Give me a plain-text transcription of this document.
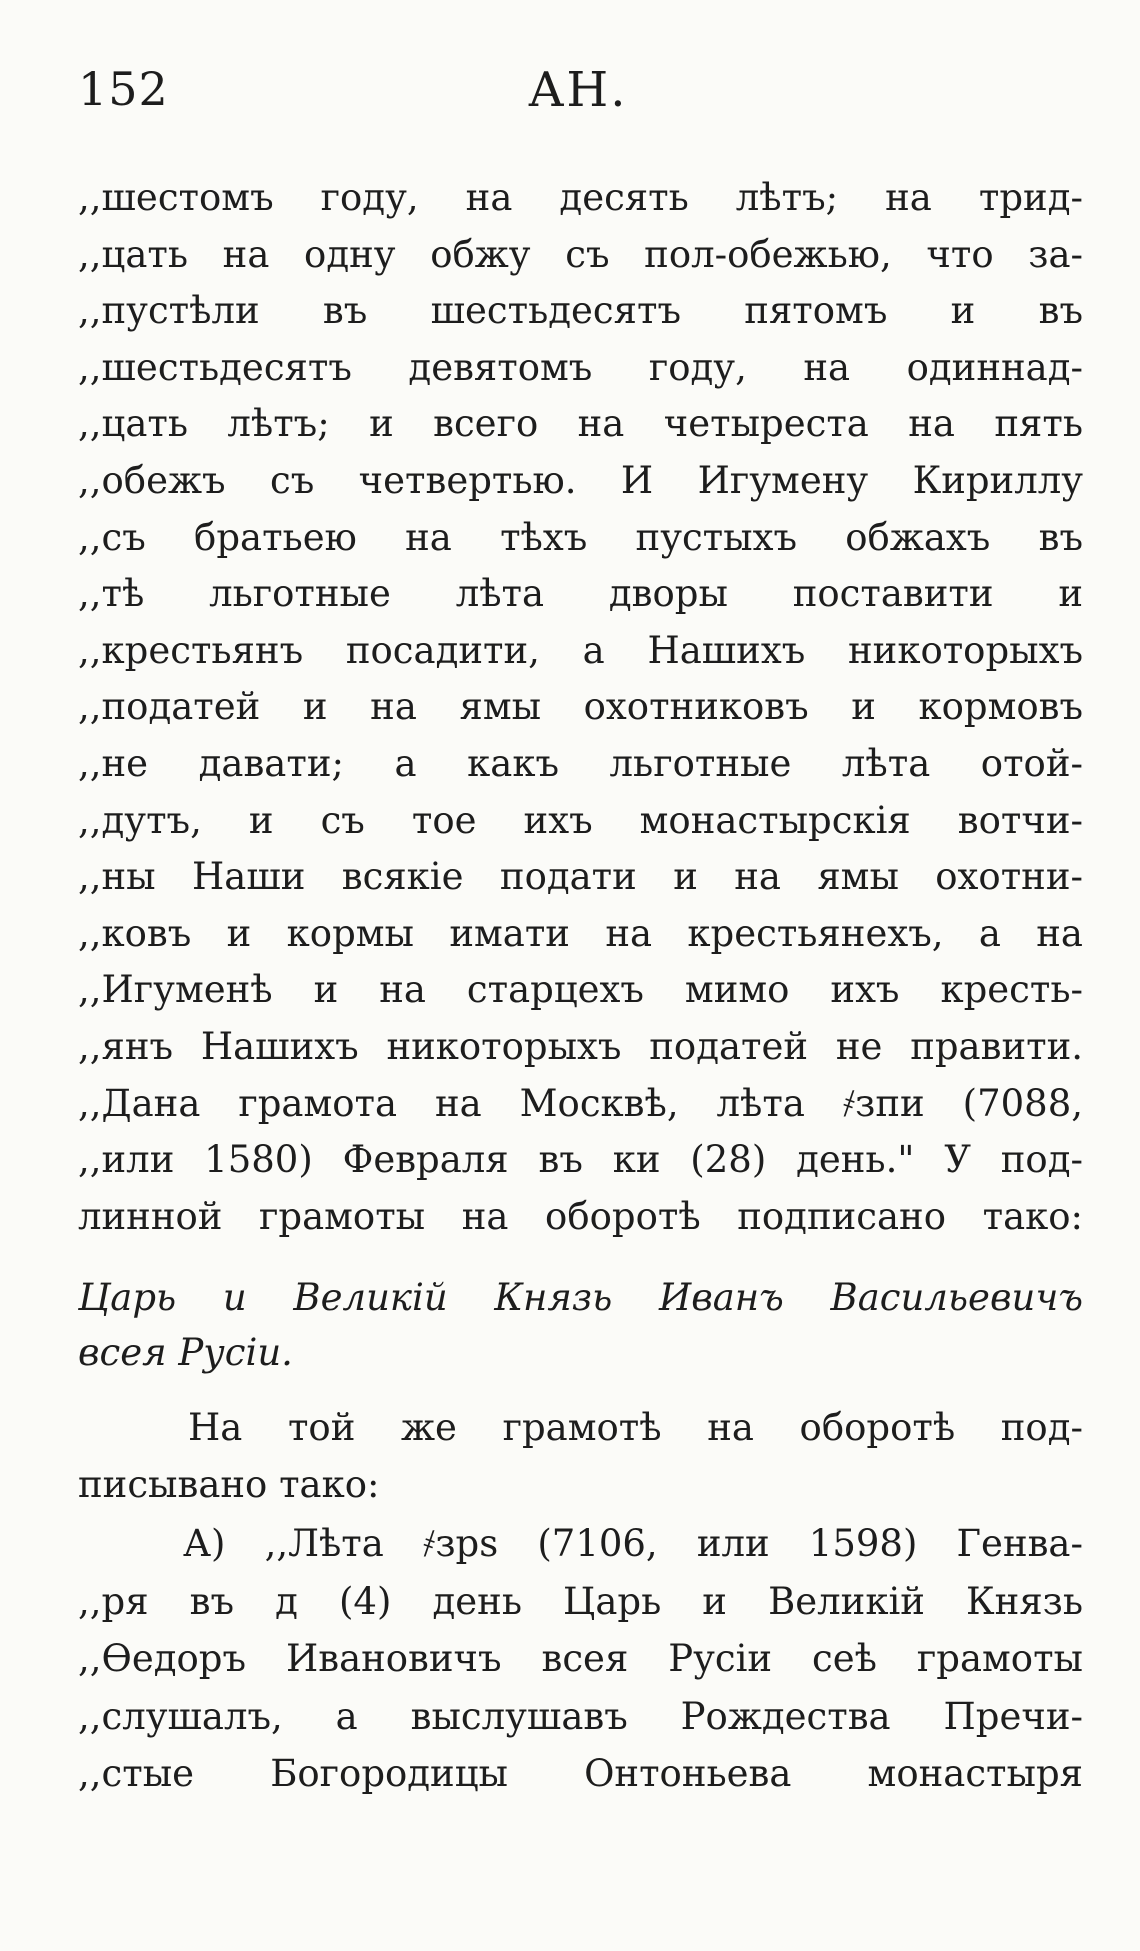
152	АН.
,,шестомъ году, на десять лѣтъ; на трид-
,,цать на одну обжу съ пол-обежью, что за-
,,пустѣли въ шестьдесятъ пятомъ и въ
,,шестьдесятъ девятомъ году, на одиннад-
,,цать лѣтъ; и всего на четыреста на пять
,,обежъ съ четвертью. И Игумену Кириллу
,,съ братьею на тѣхъ пустыхъ обжахъ въ
,,тѣ льготные лѣта дворы поставити и
,,крестьянъ посадити, а Нашихъ никоторыхъ
,,податей и на ямы охотниковъ и кормовъ
,,не давати; а какъ льготные лѣта отой-
,,дутъ, и съ тое ихъ монастырскія вотчи-
,,ны Наши всякіе подати и на ямы охотни-
,,ковъ и кормы имати на крестьянехъ, а на
,,Игуменѣ и на старцехъ мимо ихъ кресть-
,,янъ Нашихъ никоторыхъ податей не правити.
,,Дана грамота на Москвѣ, лѣта ҂зпи (7088,
,,или 1580) Февраля въ ки (28) день." У под-
линной грамоты на оборотѣ подписано тако:
Царь и Великій Князь Иванъ Васильевичъ
всея Русіи.
На той же грамотѣ на оборотѣ под-
писывано тако:
А) ,,Лѣта ҂зрѕ (7106, или 1598) Генва-
,,ря въ д (4) день Царь и Великій Князь
,,Ѳедоръ Ивановичъ всея Русіи сеѣ грамоты
,,слушалъ, а выслушавъ Рождества Пречи-
,,стые Богородицы Онтоньева монастыря
